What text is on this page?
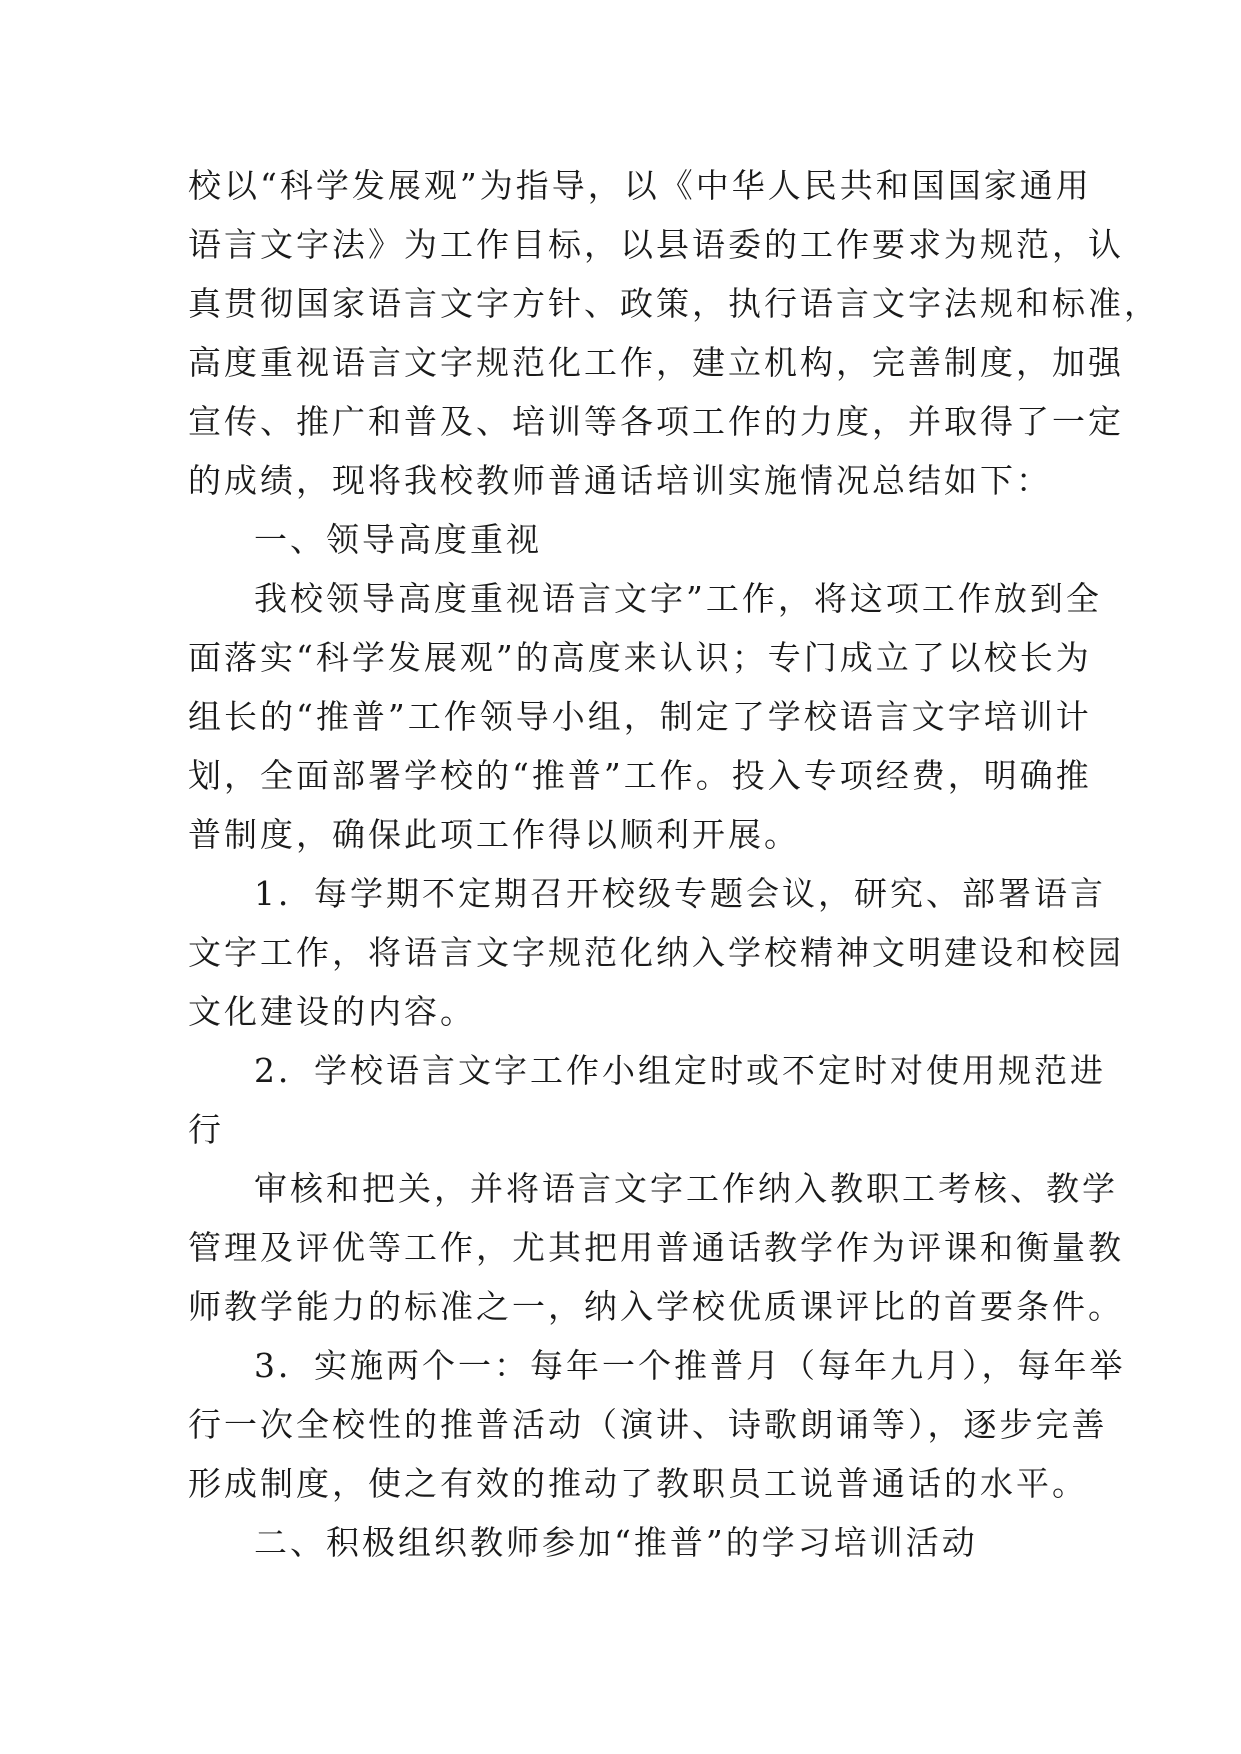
校以“科学发展观”为指导，以《中华人民共和国国家通用
语言文字法》为工作目标，以县语委的工作要求为规范，认
真贯彻国家语言文字方针、政策，执行语言文字法规和标准，
高度重视语言文字规范化工作，建立机构，完善制度，加强
宣传、推广和普及、培训等各项工作的力度，并取得了一定
的成绩，现将我校教师普通话培训实施情况总结如下：
一、领导高度重视
我校领导高度重视语言文字”工作，将这项工作放到全
面落实“科学发展观”的高度来认识；专门成立了以校长为
组长的“推普”工作领导小组，制定了学校语言文字培训计
划，全面部署学校的“推普”工作。投入专项经费，明确推
普制度，确保此项工作得以顺利开展。
1．每学期不定期召开校级专题会议，研究、部署语言
文字工作，将语言文字规范化纳入学校精神文明建设和校园
文化建设的内容。
2．学校语言文字工作小组定时或不定时对使用规范进
行
审核和把关，并将语言文字工作纳入教职工考核、教学
管理及评优等工作，尤其把用普通话教学作为评课和衡量教
师教学能力的标准之一，纳入学校优质课评比的首要条件。
3．实施两个一：每年一个推普月（每年九月），每年举
行一次全校性的推普活动（演讲、诗歌朗诵等），逐步完善
形成制度，使之有效的推动了教职员工说普通话的水平。
二、积极组织教师参加“推普”的学习培训活动
